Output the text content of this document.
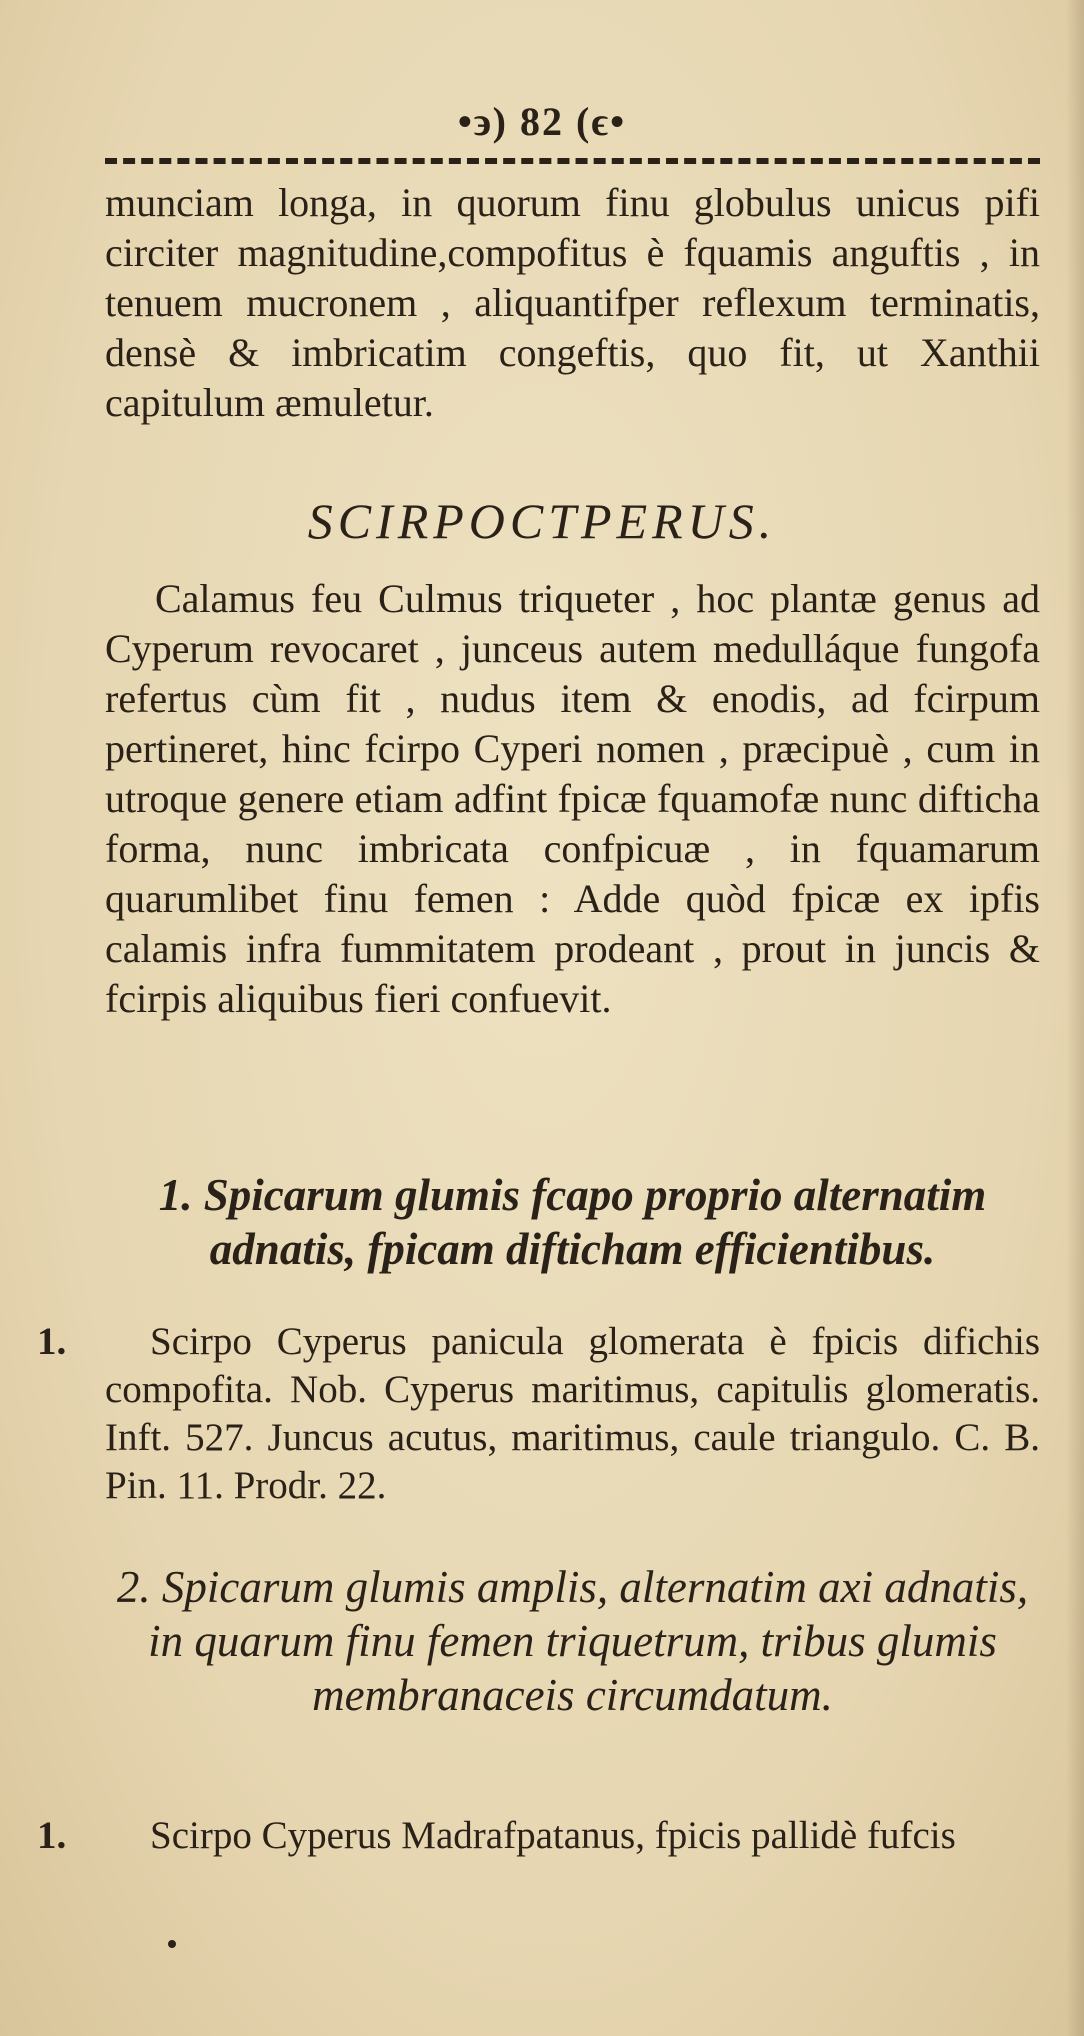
•϶) 82 (ϵ•

munciam longa, in quorum finu globulus unicus pifi circiter magnitudine,compofitus è fquamis anguftis , in tenuem mucronem , aliquantifper reflexum terminatis, densè & imbricatim congeftis, quo fit, ut Xanthii capitulum æmuletur.

SCIRPOCTPERUS.

Calamus feu Culmus triqueter , hoc plantæ genus ad Cyperum revocaret , junceus autem medulláque fungofa refertus cùm fit , nudus item & enodis, ad fcirpum pertineret, hinc fcirpo Cyperi nomen , præcipuè , cum in utroque genere etiam adfint fpicæ fquamofæ nunc difticha forma, nunc imbricata confpicuæ , in fquamarum quarumlibet finu femen : Adde quòd fpicæ ex ipfis calamis infra fummitatem prodeant , prout in juncis & fcirpis aliquibus fieri confuevit.

1. Spicarum glumis fcapo proprio alternatim adnatis, fpicam difticham efficientibus.
1. Scirpo Cyperus panicula glomerata è fpicis difichis compofita. Nob. Cyperus maritimus, capitulis glomeratis. Inft. 527. Juncus acutus, maritimus, caule triangulo. C. B. Pin. 11. Prodr. 22.
2. Spicarum glumis amplis, alternatim axi adnatis, in quarum finu femen triquetrum, tribus glumis membranaceis circumdatum.
1. Scirpo Cyperus Madrafpatanus, fpicis pallidè fufcis
